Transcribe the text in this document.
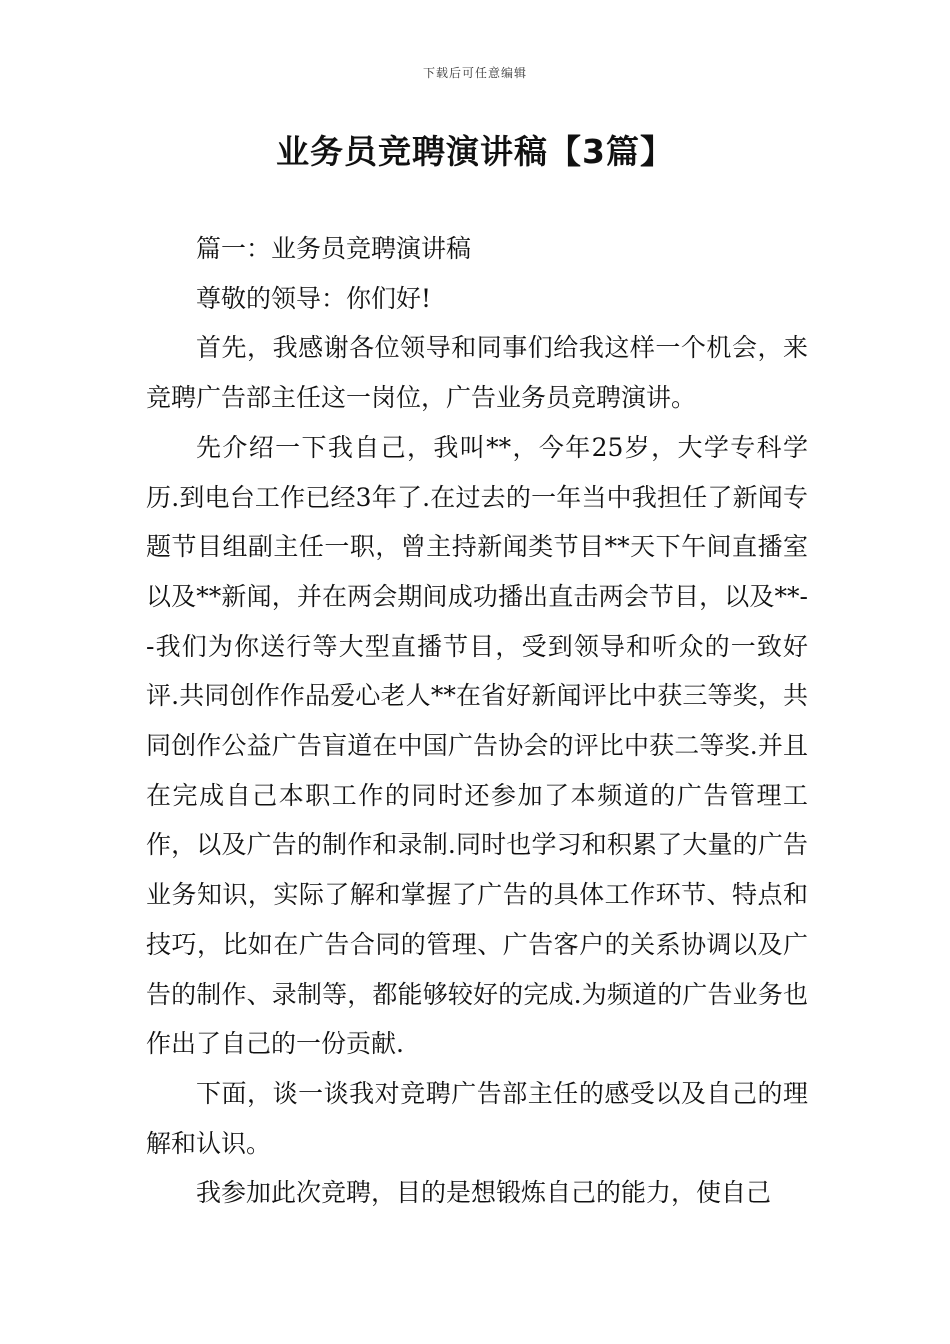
下载后可任意编辑
业务员竞聘演讲稿【3篇】

篇一：业务员竞聘演讲稿

尊敬的领导：你们好!

首先，我感谢各位领导和同事们给我这样一个机会，来竞聘广告部主任这一岗位，广告业务员竞聘演讲。

先介绍一下我自己，我叫**，今年25岁，大学专科学历.到电台工作已经3年了.在过去的一年当中我担任了新闻专题节目组副主任一职，曾主持新闻类节目**天下午间直播室以及**新闻，并在两会期间成功播出直击两会节目，以及**--我们为你送行等大型直播节目，受到领导和听众的一致好评.共同创作作品爱心老人**在省好新闻评比中获三等奖，共同创作公益广告盲道在中国广告协会的评比中获二等奖.并且在完成自己本职工作的同时还参加了本频道的广告管理工作，以及广告的制作和录制.同时也学习和积累了大量的广告业务知识，实际了解和掌握了广告的具体工作环节、特点和技巧，比如在广告合同的管理、广告客户的关系协调以及广告的制作、录制等，都能够较好的完成.为频道的广告业务也作出了自己的一份贡献.

下面，谈一谈我对竞聘广告部主任的感受以及自己的理解和认识。

我参加此次竞聘，目的是想锻炼自己的能力，使自己
